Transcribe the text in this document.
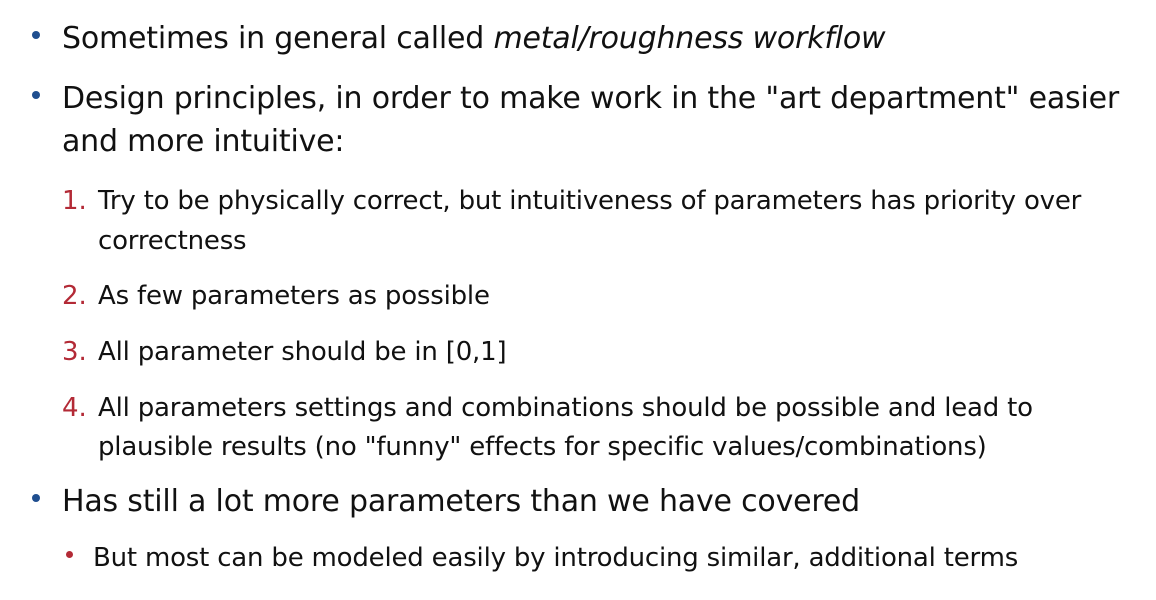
Sometimes in general called metal/roughness workflow
Design principles, in order to make work in the "art department" easier
and more intuitive:
1. Try to be physically correct, but intuitiveness of parameters has priority over
correctness
2. As few parameters as possible
3. All parameter should be in [0,1]
4. All parameters settings and combinations should be possible and lead to
plausible results (no "funny" effects for specific values/combinations)
Has still a lot more parameters than we have covered
But most can be modeled easily by introducing similar, additional terms
